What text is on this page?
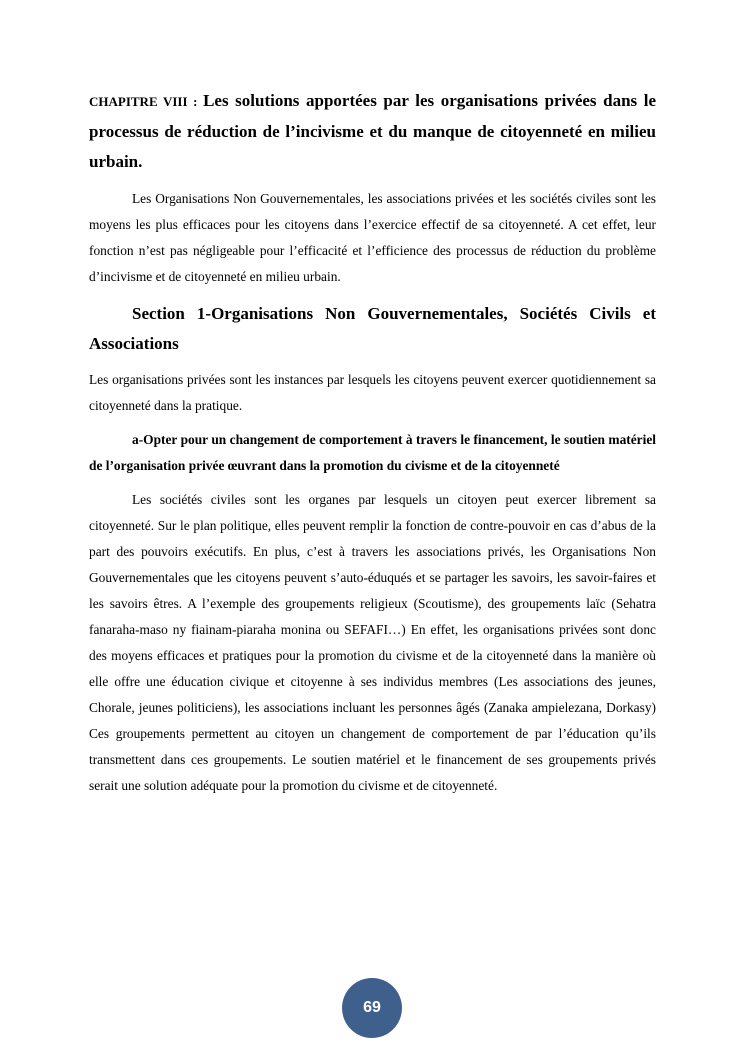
CHAPITRE VIII : Les solutions apportées par les organisations privées dans le processus de réduction de l’incivisme et du manque de citoyenneté en milieu urbain.

Les Organisations Non Gouvernementales, les associations privées et les sociétés civiles sont les moyens les plus efficaces pour les citoyens dans l’exercice effectif de sa citoyenneté. A cet effet, leur fonction n’est pas négligeable pour l’efficacité et l’efficience des processus de réduction du problème d’incivisme et de citoyenneté en milieu urbain.

Section 1-Organisations Non Gouvernementales, Sociétés Civils et Associations

Les organisations privées sont les instances par lesquels les citoyens peuvent exercer quotidiennement sa citoyenneté dans la pratique.

a-Opter pour un changement de comportement à travers le financement, le soutien matériel de l’organisation privée œuvrant dans la promotion du civisme et de la citoyenneté

Les sociétés civiles sont les organes par lesquels un citoyen peut exercer librement sa citoyenneté. Sur le plan politique, elles peuvent remplir la fonction de contre-pouvoir en cas d’abus de la part des pouvoirs exécutifs. En plus, c’est à travers les associations privés, les Organisations Non Gouvernementales que les citoyens peuvent s’auto-éduqués et se partager les savoirs, les savoir-faires et les savoirs êtres. A l’exemple des groupements religieux (Scoutisme), des groupements laïc (Sehatra fanaraha-maso ny fiainam-piaraha monina ou SEFAFI…) En effet, les organisations privées sont donc des moyens efficaces et pratiques pour la promotion du civisme et de la citoyenneté dans la manière où elle offre une éducation civique et citoyenne à ses individus membres (Les associations des jeunes, Chorale, jeunes politiciens), les associations incluant les personnes âgés (Zanaka ampielezana, Dorkasy) Ces groupements permettent au citoyen un changement de comportement de par l’éducation qu’ils transmettent dans ces groupements. Le soutien matériel et le financement de ses groupements privés serait une solution adéquate pour la promotion du civisme et de citoyenneté.

69
